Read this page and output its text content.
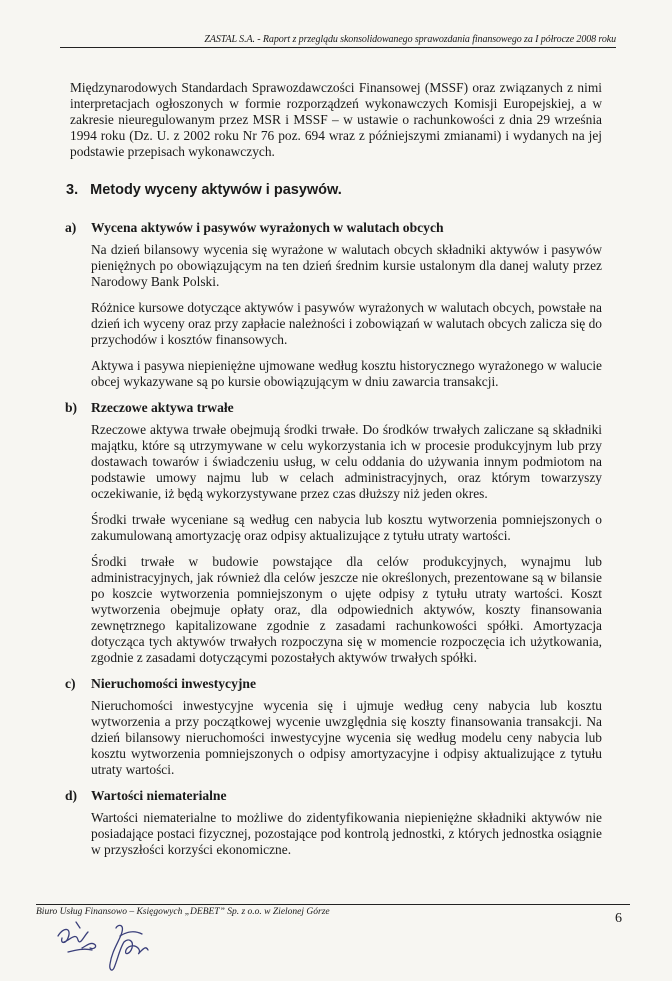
ZASTAL S.A. - Raport z przeglądu skonsolidowanego sprawozdania finansowego za I półrocze 2008 roku

Międzynarodowych Standardach Sprawozdawczości Finansowej (MSSF) oraz związanych z nimi interpretacjach ogłoszonych w formie rozporządzeń wykonawczych Komisji Europejskiej, a w zakresie nieuregulowanym przez MSR i MSSF – w ustawie o rachunkowości z dnia 29 września 1994 roku (Dz. U. z 2002 roku Nr 76 poz. 694 wraz z późniejszymi zmianami) i wydanych na jej podstawie przepisach wykonawczych.

3. Metody wyceny aktywów i pasywów.
a)	Wycena aktywów i pasywów wyrażonych w walutach obcych

Na dzień bilansowy wycenia się wyrażone w walutach obcych składniki aktywów i pasywów pieniężnych po obowiązującym na ten dzień średnim kursie ustalonym dla danej waluty przez Narodowy Bank Polski.

Różnice kursowe dotyczące aktywów i pasywów wyrażonych w walutach obcych, powstałe na dzień ich wyceny oraz przy zapłacie należności i zobowiązań w walutach obcych zalicza się do przychodów i kosztów finansowych.

Aktywa i pasywa niepieniężne ujmowane według kosztu historycznego wyrażonego w walucie obcej wykazywane są po kursie obowiązującym w dniu zawarcia transakcji.

b)	Rzeczowe aktywa trwałe

Rzeczowe aktywa trwałe obejmują środki trwałe. Do środków trwałych zaliczane są składniki majątku, które są utrzymywane w celu wykorzystania ich w procesie produkcyjnym lub przy dostawach towarów i świadczeniu usług, w celu oddania do używania innym podmiotom na podstawie umowy najmu lub w celach administracyjnych, oraz którym towarzyszy oczekiwanie, iż będą wykorzystywane przez czas dłuższy niż jeden okres.

Środki trwałe wyceniane są według cen nabycia lub kosztu wytworzenia pomniejszonych o zakumulowaną amortyzację oraz odpisy aktualizujące z tytułu utraty wartości.

Środki trwałe w budowie powstające dla celów produkcyjnych, wynajmu lub administracyjnych, jak również dla celów jeszcze nie określonych, prezentowane są w bilansie po koszcie wytworzenia pomniejszonym o ujęte odpisy z tytułu utraty wartości. Koszt wytworzenia obejmuje opłaty oraz, dla odpowiednich aktywów, koszty finansowania zewnętrznego kapitalizowane zgodnie z zasadami rachunkowości spółki. Amortyzacja dotycząca tych aktywów trwałych rozpoczyna się w momencie rozpoczęcia ich użytkowania, zgodnie z zasadami dotyczącymi pozostałych aktywów trwałych spółki.

c)	Nieruchomości inwestycyjne

Nieruchomości inwestycyjne wycenia się i ujmuje według ceny nabycia lub kosztu wytworzenia a przy początkowej wycenie uwzględnia się koszty finansowania transakcji. Na dzień bilansowy nieruchomości inwestycyjne wycenia się według modelu ceny nabycia lub kosztu wytworzenia pomniejszonych o odpisy amortyzacyjne i odpisy aktualizujące z tytułu utraty wartości.

d)	Wartości niematerialne

Wartości niematerialne to możliwe do zidentyfikowania niepieniężne składniki aktywów nie posiadające postaci fizycznej, pozostające pod kontrolą jednostki, z których jednostka osiągnie w przyszłości korzyści ekonomiczne.

Biuro Usług Finansowo – Księgowych „DEBET” Sp. z o.o. w Zielonej Górze	6
